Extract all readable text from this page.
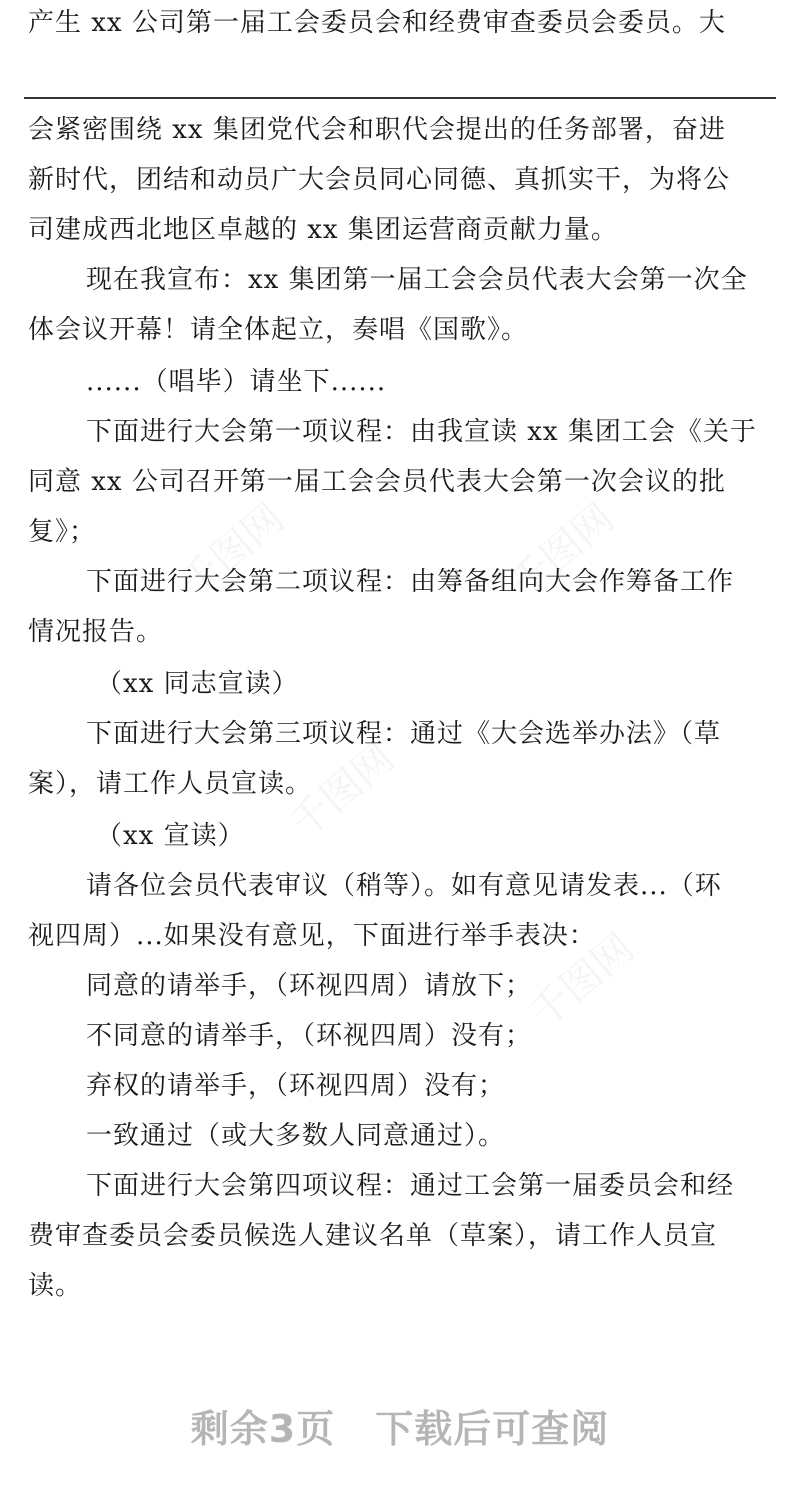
产生 xx 公司第一届工会委员会和经费审查委员会委员。大
会紧密围绕 xx 集团党代会和职代会提出的任务部署，奋进
新时代，团结和动员广大会员同心同德、真抓实干，为将公
司建成西北地区卓越的 xx 集团运营商贡献力量。
现在我宣布：xx 集团第一届工会会员代表大会第一次全
体会议开幕！请全体起立，奏唱《国歌》。
......（唱毕）请坐下......
下面进行大会第一项议程：由我宣读 xx 集团工会《关于
同意 xx 公司召开第一届工会会员代表大会第一次会议的批
复》；
下面进行大会第二项议程：由筹备组向大会作筹备工作
情况报告。
（xx 同志宣读）
下面进行大会第三项议程：通过《大会选举办法》（草
案），请工作人员宣读。
（xx 宣读）
请各位会员代表审议（稍等）。如有意见请发表...（环
视四周）...如果没有意见，下面进行举手表决：
同意的请举手，（环视四周）请放下；
不同意的请举手，（环视四周）没有；
弃权的请举手，（环视四周）没有；
一致通过（或大多数人同意通过）。
下面进行大会第四项议程：通过工会第一届委员会和经
费审查委员会委员候选人建议名单（草案），请工作人员宣
读。
剩余3页 下载后可查阅
